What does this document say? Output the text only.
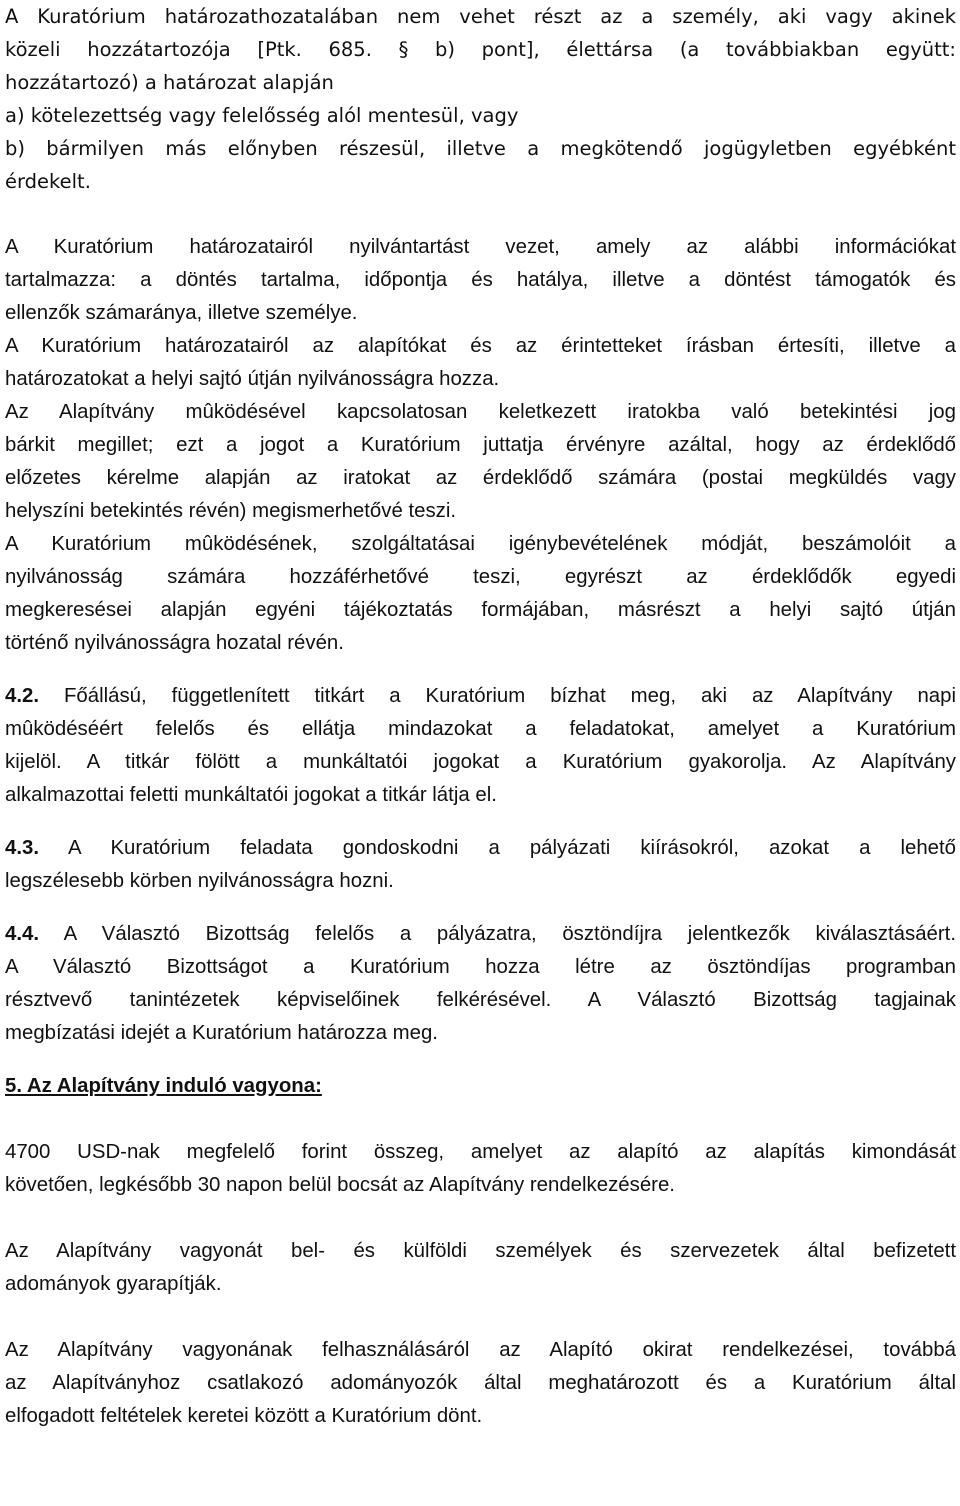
A Kuratórium határozathozatalában nem vehet részt az a személy, aki vagy akinek
közeli hozzátartozója [Ptk. 685. § b) pont], élettársa (a továbbiakban együtt:
hozzátartozó) a határozat alapján
a) kötelezettség vagy felelősség alól mentesül, vagy
b) bármilyen más előnyben részesül, illetve a megkötendő jogügyletben egyébként
érdekelt.
A Kuratórium határozatairól nyilvántartást vezet, amely az alábbi információkat
tartalmazza: a döntés tartalma, időpontja és hatálya, illetve a döntést támogatók és
ellenzők számaránya, illetve személye.
A Kuratórium határozatairól az alapítókat és az érintetteket írásban értesíti, illetve a
határozatokat a helyi sajtó útján nyilvánosságra hozza.
Az Alapítvány mûködésével kapcsolatosan keletkezett iratokba való betekintési jog
bárkit megillet; ezt a jogot a Kuratórium juttatja érvényre azáltal, hogy az érdeklődő
előzetes kérelme alapján az iratokat az érdeklődő számára (postai megküldés vagy
helyszíni betekintés révén) megismerhetővé teszi.
A Kuratórium mûködésének, szolgáltatásai igénybevételének módját, beszámolóit a
nyilvánosság számára hozzáférhetővé teszi, egyrészt az érdeklődők egyedi
megkeresései alapján egyéni tájékoztatás formájában, másrészt a helyi sajtó útján
történő nyilvánosságra hozatal révén.
4.2. Főállású, függetlenített titkárt a Kuratórium bízhat meg, aki az Alapítvány napi
mûködéséért felelős és ellátja mindazokat a feladatokat, amelyet a Kuratórium
kijelöl. A titkár fölött a munkáltatói jogokat a Kuratórium gyakorolja. Az Alapítvány
alkalmazottai feletti munkáltatói jogokat a titkár látja el.
4.3. A Kuratórium feladata gondoskodni a pályázati kiírásokról, azokat a lehető
legszélesebb körben nyilvánosságra hozni.
4.4. A Választó Bizottság felelős a pályázatra, ösztöndíjra jelentkezők kiválasztásáért.
A Választó Bizottságot a Kuratórium hozza létre az ösztöndíjas programban
résztvevő tanintézetek képviselőinek felkérésével. A Választó Bizottság tagjainak
megbízatási idejét a Kuratórium határozza meg.
5. Az Alapítvány induló vagyona:
4700 USD-nak megfelelő forint összeg, amelyet az alapító az alapítás kimondását
követően, legkésőbb 30 napon belül bocsát az Alapítvány rendelkezésére.
Az Alapítvány vagyonát bel- és külföldi személyek és szervezetek által befizetett
adományok gyarapítják.
Az Alapítvány vagyonának felhasználásáról az Alapító okirat rendelkezései, továbbá
az Alapítványhoz csatlakozó adományozók által meghatározott és a Kuratórium által
elfogadott feltételek keretei között a Kuratórium dönt.
